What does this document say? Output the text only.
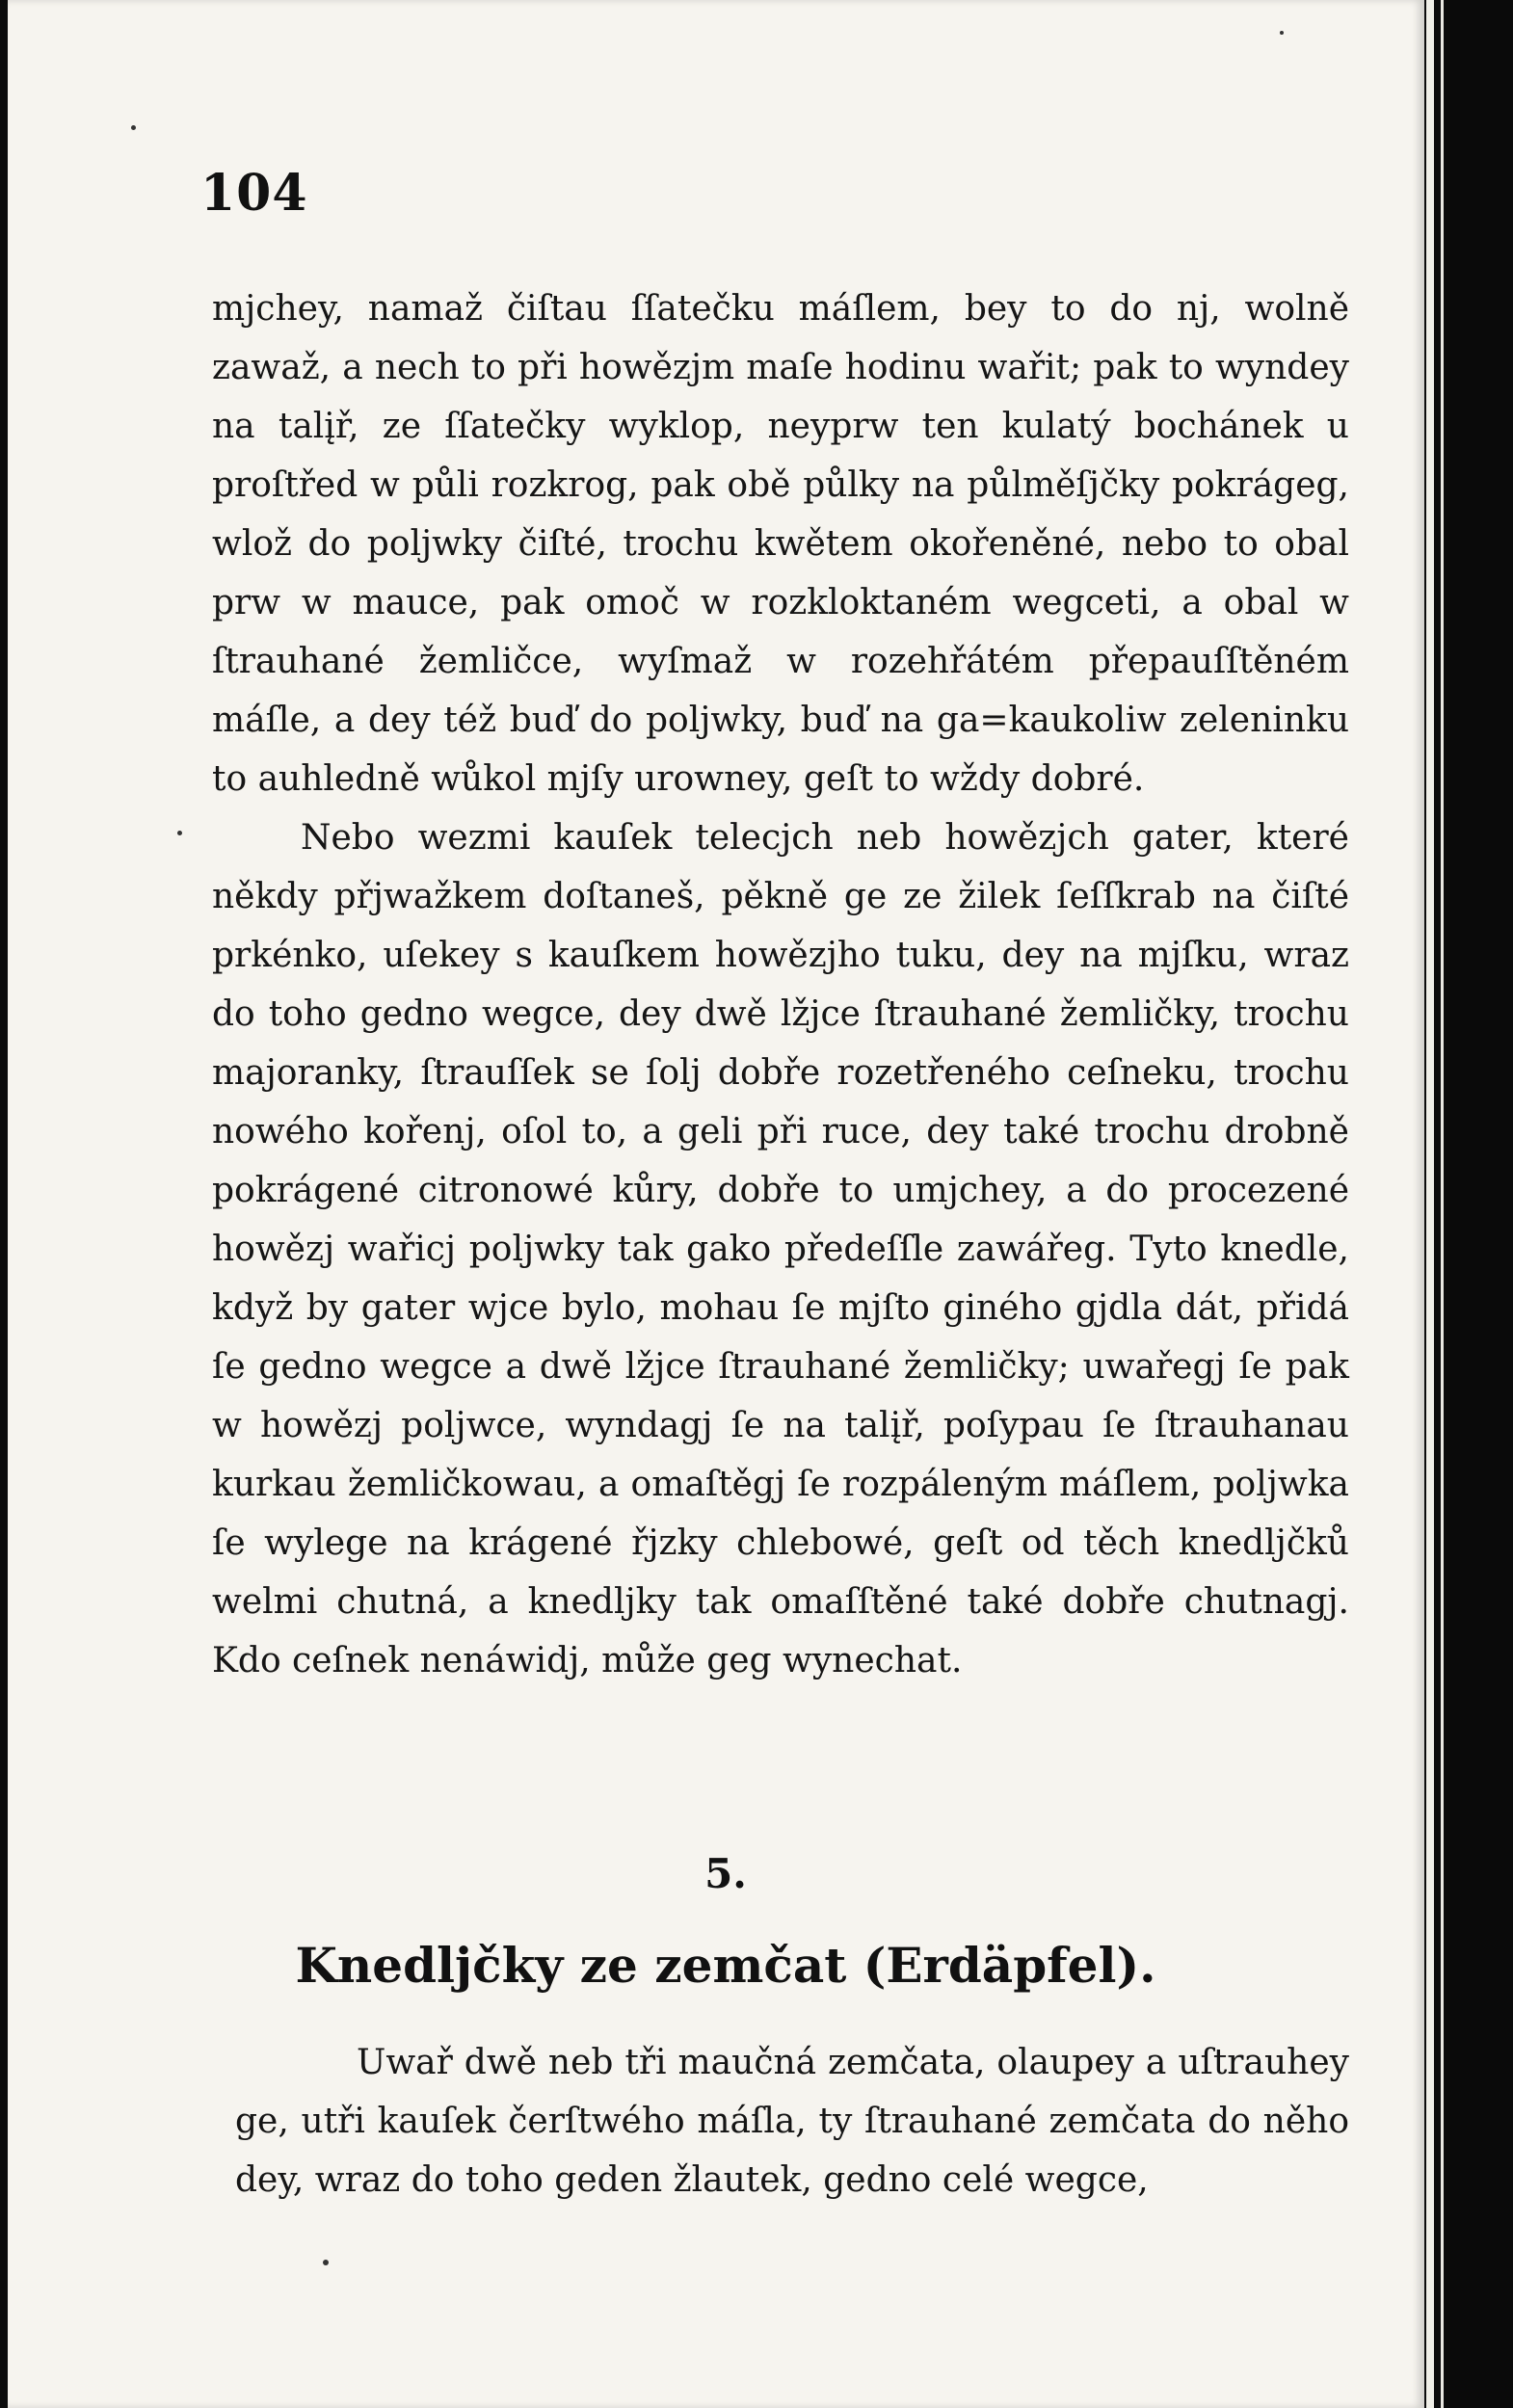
104

mjchey, namaž čiſtau ſſatečku máſlem, bey to do nj, wolně zawaž, a nech to při howězjm maſe hodinu wařit; pak to wyndey na talįř, ze ſſatečky wyklop, neyprw ten kulatý bochánek u proſtřed w půli rozkrog, pak obě půlky na půlměſjčky pokrágeg, wlož do poljwky čiſté, trochu kwětem okořeněné, nebo to obal prw w mauce, pak omoč w rozkloktaném wegceti, a obal w ſtrauhané žemličce, wyſmaž w rozehřátém přepauſſtěném máſle, a dey též buď do poljwky, buď na ga=kaukoliw zeleninku to auhledně wůkol mjſy urowney, geſt to wždy dobré.

Nebo wezmi kauſek telecjch neb howězjch gater, které někdy přjwažkem doſtaneš, pěkně ge ze žilek ſeſſkrab na čiſté prkénko, uſekey s kauſkem howězjho tuku, dey na mjſku, wraz do toho gedno wegce, dey dwě lžjce ſtrauhané žemličky, trochu majoranky, ſtrauſſek se ſolj dobře rozetřeného ceſneku, trochu nowého kořenj, oſol to, a geli při ruce, dey také trochu drobně pokrágené citronowé kůry, dobře to umjchey, a do procezené howězj wařicj poljwky tak gako předeſſle zawářeg. Tyto knedle, když by gater wjce bylo, mohau ſe mjſto giného gjdla dát, přidá ſe gedno wegce a dwě lžjce ſtrauhané žemličky; uwařegj ſe pak w howězj poljwce, wyndagj ſe na talįř, poſypau ſe ſtrauhanau kurkau žemličkowau, a omaſtěgj ſe rozpáleným máſlem, poljwka ſe wylege na krágené řjzky chlebowé, geſt od těch knedljčků welmi chutná, a knedljky tak omaſſtěné také dobře chutnagj. Kdo ceſnek nenáwidj, může geg wynechat.

5.
Knedljčky ze zemčat (Erdäpfel).

Uwař dwě neb tři maučná zemčata, olaupey a uſtrauhey ge, utři kauſek čerſtwého máſla, ty ſtrauhané zemčata do něho dey, wraz do toho geden žlautek, gedno celé wegce,
